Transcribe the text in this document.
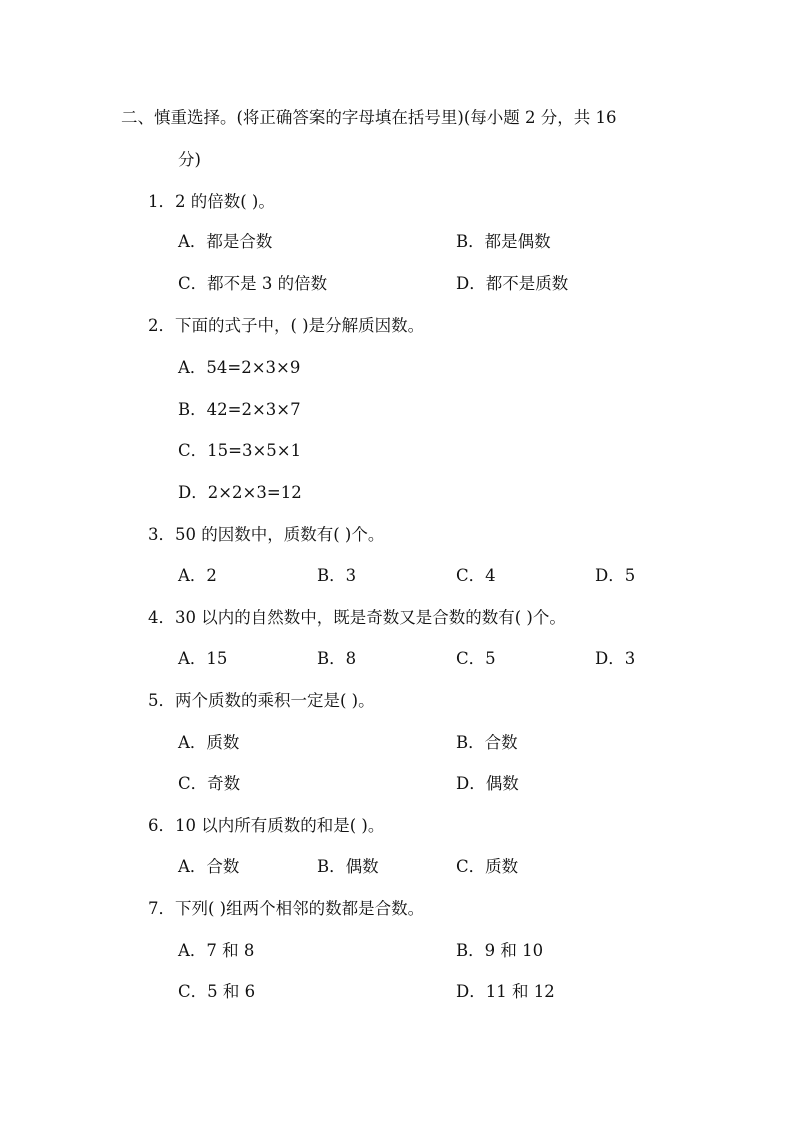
二、慎重选择。(将正确答案的字母填在括号里)(每小题 2 分，共 16
分)
1．2 的倍数( )。
A．都是合数	B．都是偶数
C．都不是 3 的倍数	D．都不是质数
2．下面的式子中，( )是分解质因数。
A．54=2×3×9
B．42=2×3×7
C．15=3×5×1
D．2×2×3=12
3．50 的因数中，质数有( )个。
A．2	B．3	C．4	D．5
4．30 以内的自然数中，既是奇数又是合数的数有( )个。
A．15	B．8	C．5	D．3
5．两个质数的乘积一定是( )。
A．质数	B．合数
C．奇数	D．偶数
6．10 以内所有质数的和是( )。
A．合数	B．偶数	C．质数
7．下列( )组两个相邻的数都是合数。
A．7 和 8	B．9 和 10
C．5 和 6	D．11 和 12
